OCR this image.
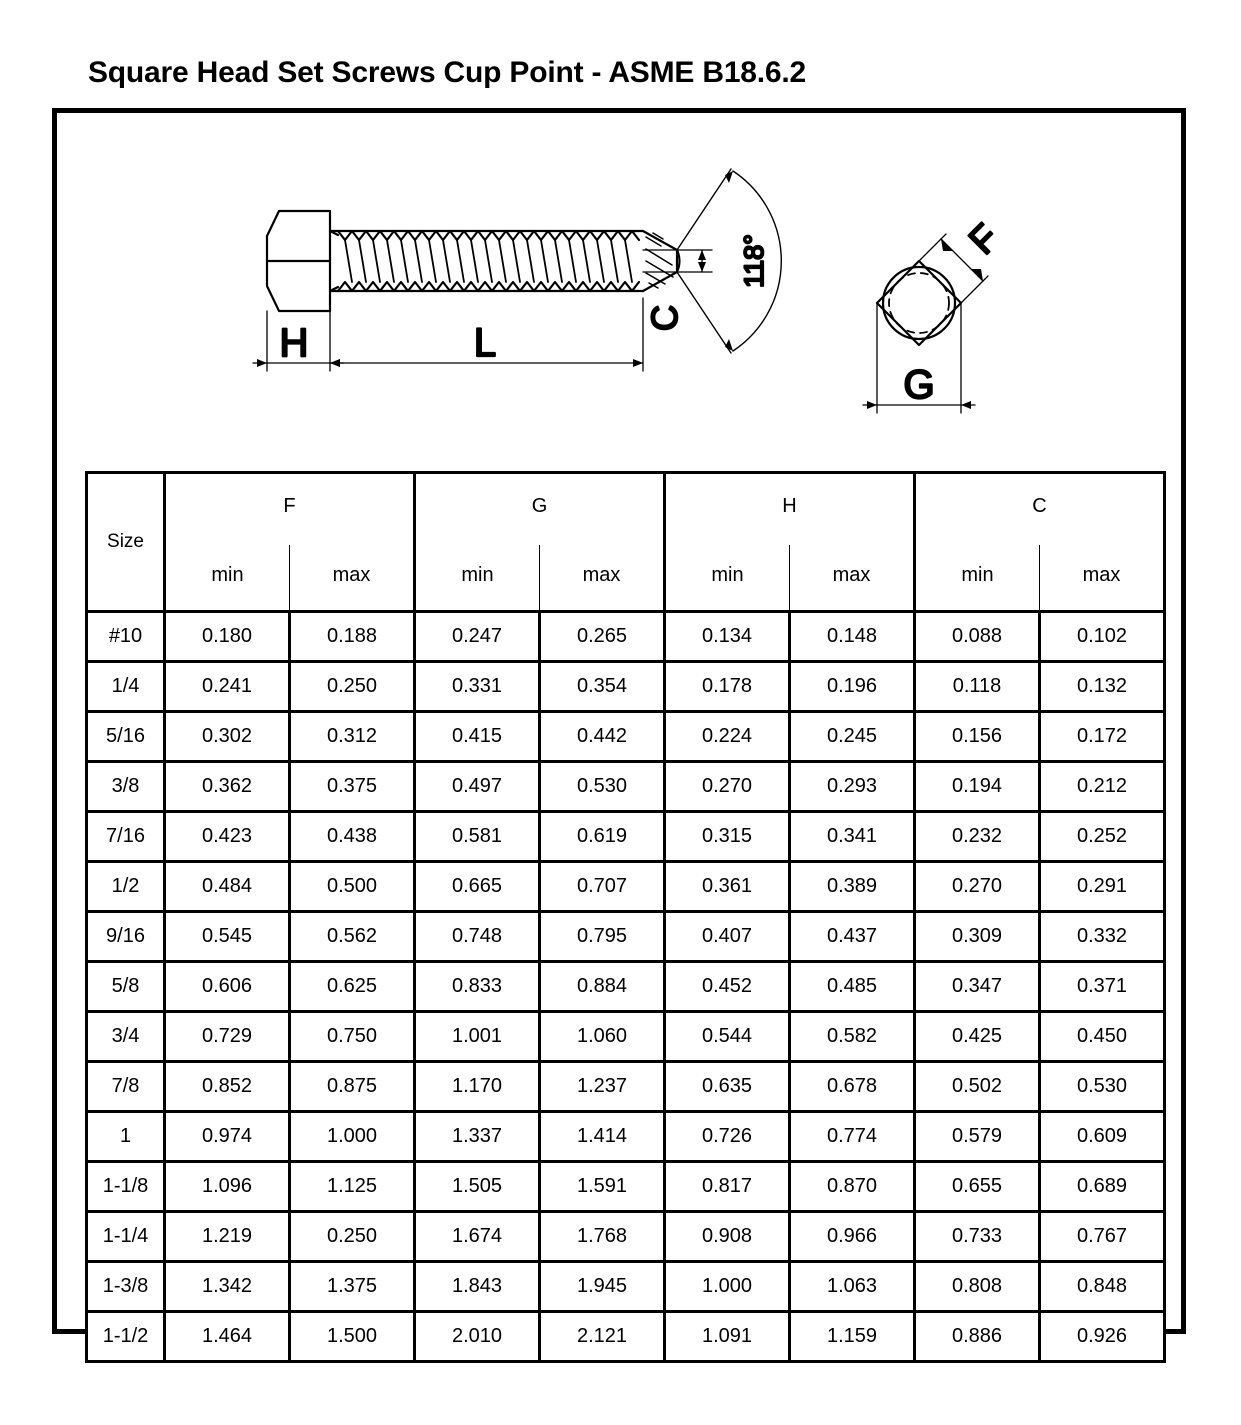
Square Head Set Screws Cup Point - ASME B18.6.2
118°
C
H	L
F
G
Size	F		G		H		C	
	min	max	min	max	min	max	min	max
#10	0.180	0.188	0.247	0.265	0.134	0.148	0.088	0.102
1/4	0.241	0.250	0.331	0.354	0.178	0.196	0.118	0.132
5/16	0.302	0.312	0.415	0.442	0.224	0.245	0.156	0.172
3/8	0.362	0.375	0.497	0.530	0.270	0.293	0.194	0.212
7/16	0.423	0.438	0.581	0.619	0.315	0.341	0.232	0.252
1/2	0.484	0.500	0.665	0.707	0.361	0.389	0.270	0.291
9/16	0.545	0.562	0.748	0.795	0.407	0.437	0.309	0.332
5/8	0.606	0.625	0.833	0.884	0.452	0.485	0.347	0.371
3/4	0.729	0.750	1.001	1.060	0.544	0.582	0.425	0.450
7/8	0.852	0.875	1.170	1.237	0.635	0.678	0.502	0.530
1	0.974	1.000	1.337	1.414	0.726	0.774	0.579	0.609
1-1/8	1.096	1.125	1.505	1.591	0.817	0.870	0.655	0.689
1-1/4	1.219	0.250	1.674	1.768	0.908	0.966	0.733	0.767
1-3/8	1.342	1.375	1.843	1.945	1.000	1.063	0.808	0.848
1-1/2	1.464	1.500	2.010	2.121	1.091	1.159	0.886	0.926
